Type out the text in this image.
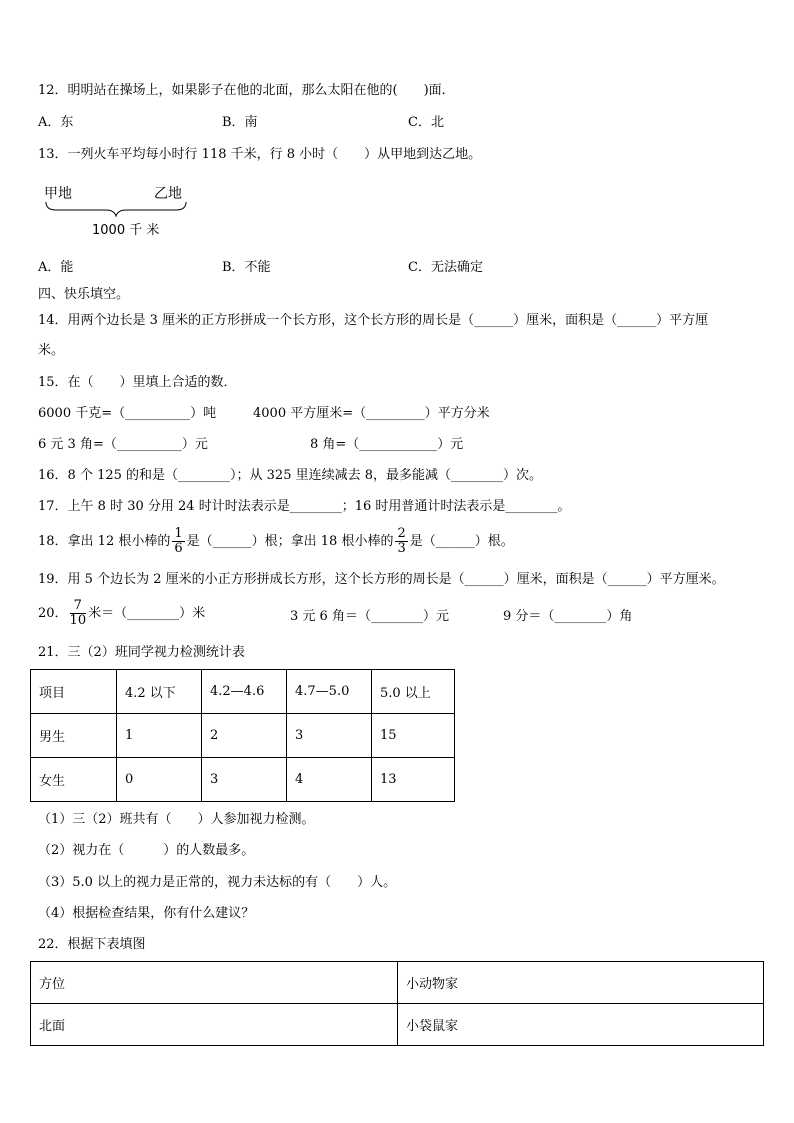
12．明明站在操场上，如果影子在他的北面，那么太阳在他的(　　)面．
A．东	B．南	C．北
13．一列火车平均每小时行 118 千米，行 8 小时（　　）从甲地到达乙地。
甲地	乙地
1000 千 米
A．能	B．不能	C．无法确定
四、快乐填空。
14．用两个边长是 3 厘米的正方形拼成一个长方形，这个长方形的周长是（______）厘米，面积是（______）平方厘
米。
15．在（　　）里填上合适的数．
6000 千克=（__________）吨	4000 平方厘米=（_________）平方分米
6 元 3 角=（__________）元	8 角=（____________）元
16．8 个 125 的和是（________）；从 325 里连续减去 8，最多能减（________）次。
17．上午 8 时 30 分用 24 时计时法表示是________；16 时用普通计时法表示是________。
18．拿出 12 根小棒的 $\frac{1}{6}$ 是（______）根；拿出 18 根小棒的 $\frac{2}{3}$ 是（______）根。
19．用 5 个边长为 2 厘米的小正方形拼成长方形，这个长方形的周长是（______）厘米，面积是（______）平方厘米。
20． $\frac{7}{10}$ 米＝（________）米	3 元 6 角＝（________）元	9 分＝（________）角
21．三（2）班同学视力检测统计表
项目	4.2 以下	4.2—4.6	4.7—5.0	5.0 以上
男生	1	2	3	15
女生	0	3	4	13
（1）三（2）班共有（　　）人参加视力检测。
（2）视力在（　　　）的人数最多。
（3）5.0 以上的视力是正常的，视力未达标的有（　　）人。
（4）根据检查结果，你有什么建议？
22．根据下表填图
方位	小动物家
北面	小袋鼠家
